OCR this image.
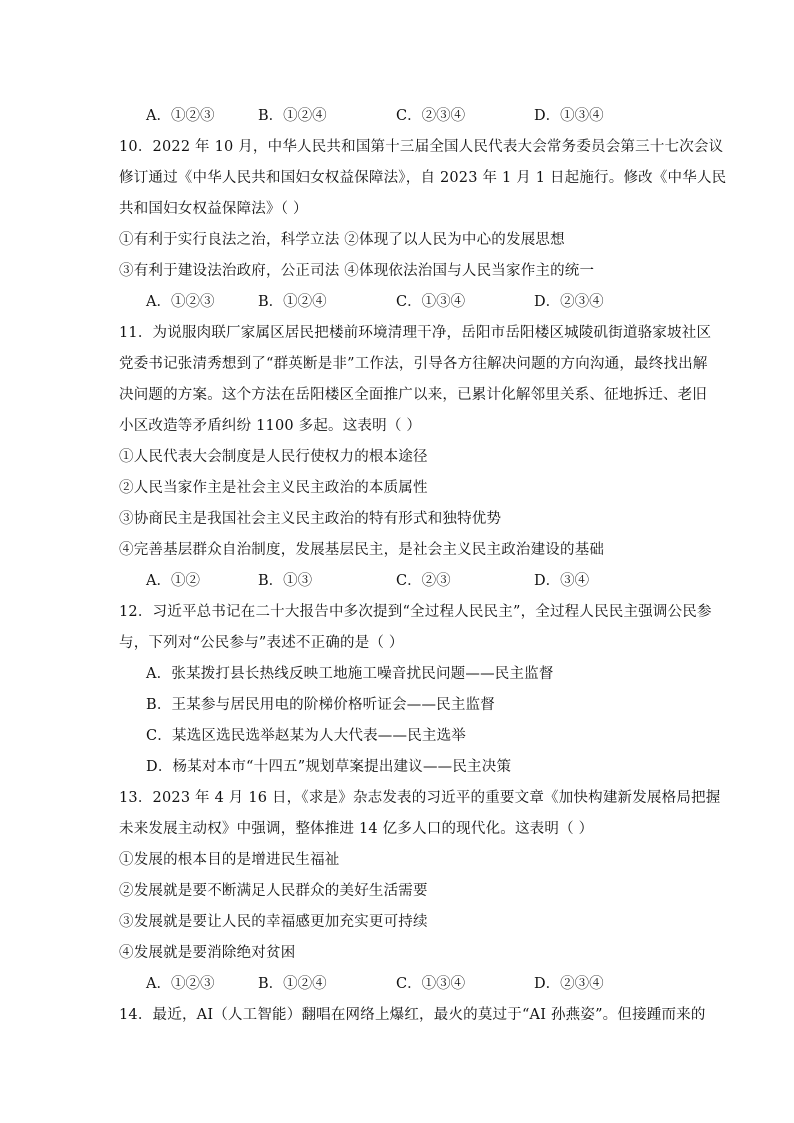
A．①②③	B．①②④	C．②③④	D．①③④
10．2022 年 10 月，中华人民共和国第十三届全国人民代表大会常务委员会第三十七次会议
修订通过《中华人民共和国妇女权益保障法》，自 2023 年 1 月 1 日起施行。修改《中华人民
共和国妇女权益保障法》（ ）
①有利于实行良法之治，科学立法 ②体现了以人民为中心的发展思想
③有利于建设法治政府，公正司法 ④体现依法治国与人民当家作主的统一
A．①②③	B．①②④	C．①③④	D．②③④
11．为说服肉联厂家属区居民把楼前环境清理干净，岳阳市岳阳楼区城陵矶街道骆家坡社区
党委书记张清秀想到了“群英断是非”工作法，引导各方往解决问题的方向沟通，最终找出解
决问题的方案。这个方法在岳阳楼区全面推广以来，已累计化解邻里关系、征地拆迁、老旧
小区改造等矛盾纠纷 1100 多起。这表明（ ）
①人民代表大会制度是人民行使权力的根本途径
②人民当家作主是社会主义民主政治的本质属性
③协商民主是我国社会主义民主政治的特有形式和独特优势
④完善基层群众自治制度，发展基层民主，是社会主义民主政治建设的基础
A．①②	B．①③	C．②③	D．③④
12．习近平总书记在二十大报告中多次提到“全过程人民民主”，全过程人民民主强调公民参
与，下列对“公民参与”表述不正确的是（ ）
A．张某拨打县长热线反映工地施工噪音扰民问题——民主监督
B．王某参与居民用电的阶梯价格听证会——民主监督
C．某选区选民选举赵某为人大代表——民主选举
D．杨某对本市“十四五”规划草案提出建议——民主决策
13．2023 年 4 月 16 日，《求是》杂志发表的习近平的重要文章《加快构建新发展格局把握
未来发展主动权》中强调，整体推进 14 亿多人口的现代化。这表明（ ）
①发展的根本目的是增进民生福祉
②发展就是要不断满足人民群众的美好生活需要
③发展就是要让人民的幸福感更加充实更可持续
④发展就是要消除绝对贫困
A．①②③	B．①②④	C．①③④	D．②③④
14．最近，AI（人工智能）翻唱在网络上爆红，最火的莫过于“AI 孙燕姿”。但接踵而来的
